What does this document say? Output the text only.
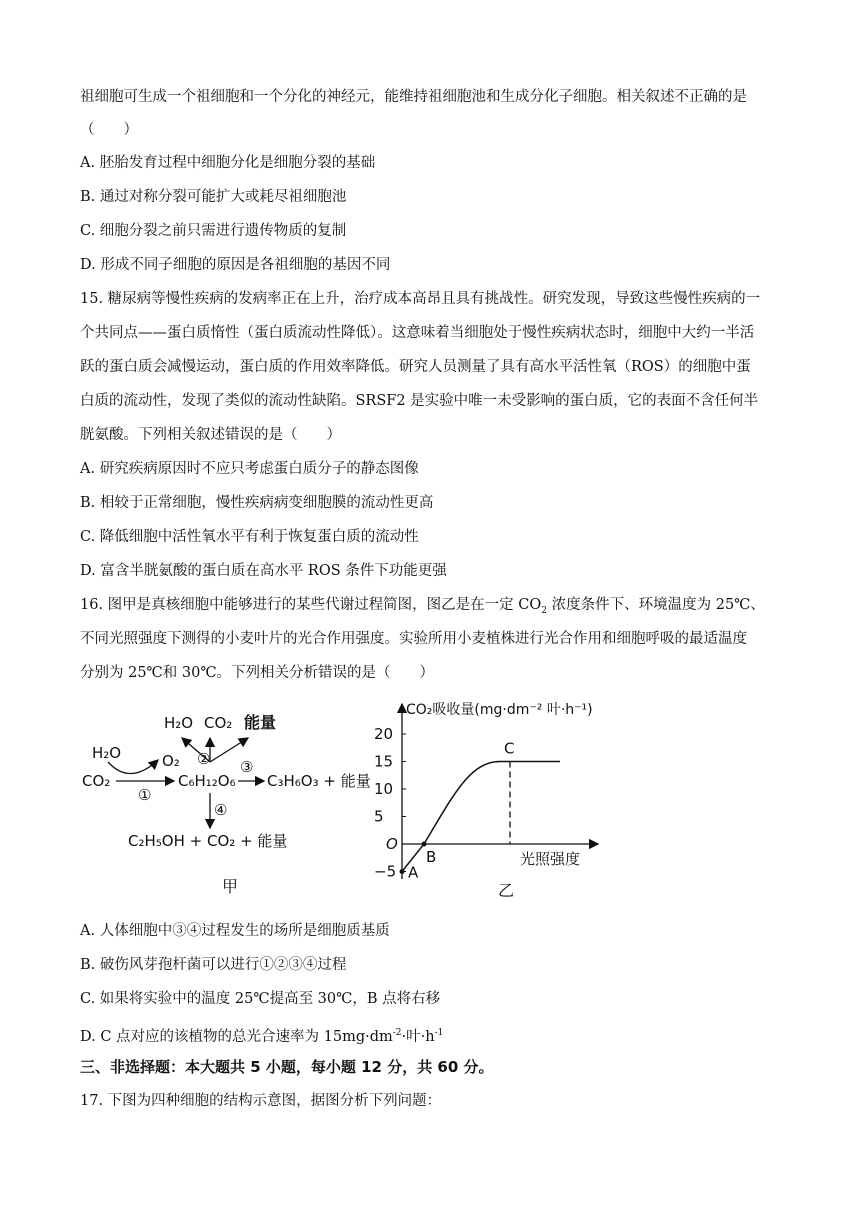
祖细胞可生成一个祖细胞和一个分化的神经元，能维持祖细胞池和生成分化子细胞。相关叙述不正确的是
（　　）
A. 胚胎发育过程中细胞分化是细胞分裂的基础
B. 通过对称分裂可能扩大或耗尽祖细胞池
C. 细胞分裂之前只需进行遗传物质的复制
D. 形成不同子细胞的原因是各祖细胞的基因不同
15. 糖尿病等慢性疾病的发病率正在上升，治疗成本高昂且具有挑战性。研究发现，导致这些慢性疾病的一
个共同点——蛋白质惰性（蛋白质流动性降低）。这意味着当细胞处于慢性疾病状态时，细胞中大约一半活
跃的蛋白质会减慢运动，蛋白质的作用效率降低。研究人员测量了具有高水平活性氧（ROS）的细胞中蛋
白质的流动性，发现了类似的流动性缺陷。SRSF2 是实验中唯一未受影响的蛋白质，它的表面不含任何半
胱氨酸。下列相关叙述错误的是（　　）
A. 研究疾病原因时不应只考虑蛋白质分子的静态图像
B. 相较于正常细胞，慢性疾病病变细胞膜的流动性更高
C. 降低细胞中活性氧水平有利于恢复蛋白质的流动性
D. 富含半胱氨酸的蛋白质在高水平 ROS 条件下功能更强
16. 图甲是真核细胞中能够进行的某些代谢过程简图，图乙是在一定 $CO_2$ 浓度条件下、环境温度为 25℃、
不同光照强度下测得的小麦叶片的光合作用强度。实验所用小麦植株进行光合作用和细胞呼吸的最适温度
分别为 25℃和 30℃。下列相关分析错误的是（　　）
H₂O CO₂ 能量
②
H₂O
CO₂
O₂
①
C₆H₁₂O₆
③
C₃H₆O₃ + 能量
④
C₂H₅OH + CO₂ + 能量
甲
CO₂吸收量(mg·dm⁻² 叶·h⁻¹)
光照强度
20
15
10
5
O
−5 A
B
C
乙
A. 人体细胞中③④过程发生的场所是细胞质基质
B. 破伤风芽孢杆菌可以进行①②③④过程
C. 如果将实验中的温度 25℃提高至 30℃，B 点将右移
D. C 点对应的该植物的总光合速率为 $15mg\cdot dm^{-2}\cdot$叶$\cdot h^{-1}$
三、非选择题：本大题共 5 小题，每小题 12 分，共 60 分。
17. 下图为四种细胞的结构示意图，据图分析下列问题：
